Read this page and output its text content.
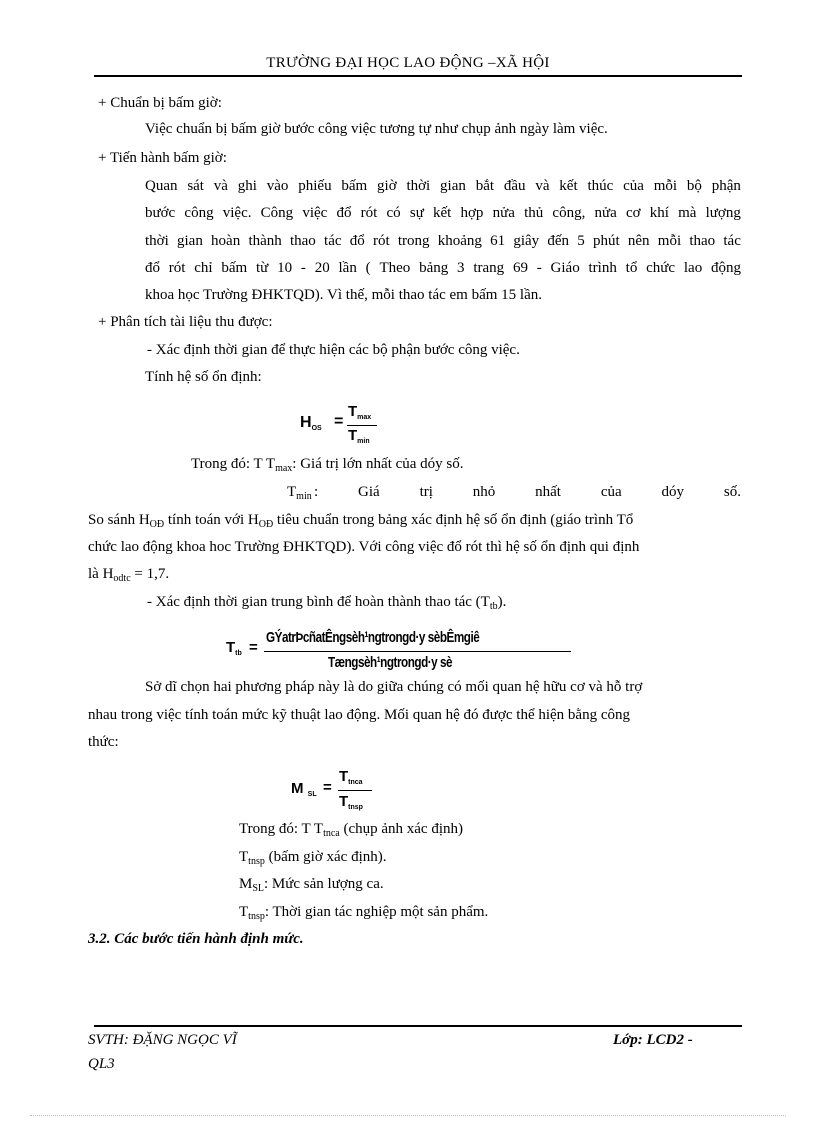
TRƯỜNG ĐẠI HỌC LAO ĐỘNG –XÃ HỘI
+ Chuẩn bị bấm giờ:
Việc chuẩn bị bấm giờ bước công việc tương tự như chụp ảnh ngày làm việc.
+ Tiến hành bấm giờ:
Quan sát và ghi vào phiếu bấm giờ thời gian bắt đầu và kết thúc của mỗi bộ phận
bước công việc. Công việc đổ rót có sự kết hợp nửa thủ công, nửa cơ khí mà lượng
thời gian hoàn thành thao tác đổ rót trong khoảng 61 giây đến 5 phút nên mỗi thao tác
đổ rót chỉ bấm từ 10 - 20 lần ( Theo bảng 3 trang 69 - Giáo trình tổ chức lao động
khoa học Trường ĐHKTQD). Vì thế, mỗi thao tác em bấm 15 lần.
+ Phân tích tài liệu thu được:
- Xác định thời gian để thực hiện các bộ phận bước công việc.
Tính hệ số ổn định:
HOS =
$T_{max}$
$T_{min}$
Trong đó: T $T_{max}$: Giá trị lớn nhất của dóy số.
$T_{min}$ :	Giá	trị	nhỏ	nhất	của	dóy	số.
So sánh $H_{OĐ}$ tính toán với $H_{OĐ}$ tiêu chuẩn trong bảng xác định hệ số ổn định (giáo trình Tổ
chức lao động khoa hoc Trường ĐHKTQD). Với công việc đổ rót thì hệ số ổn định qui định
là $H_{odtc} = 1,7$.
- Xác định thời gian trung bình để hoàn thành thao tác $(T_{tb})$.
$T_{tb}$ =
GÝatrÞcñatÊngsèh¹ngtrongd·y sèbÊmgiê
Tængsèh¹ngtrongd·y sè
Sở dĩ chọn hai phương pháp này là do giữa chúng có mối quan hệ hữu cơ và hỗ trợ
nhau trong việc tính toán mức kỹ thuật lao động. Mối quan hệ đó được thể hiện bằng công
thức:
M $_{SL}$ =
$T_{tnca}$
$T_{tnsp}$
Trong đó: T $T_{tnca}$ (chụp ảnh xác định)
$T_{tnsp}$ (bấm giờ xác định).
$M_{SL}$: Mức sản lượng ca.
$T_{tnsp}$: Thời gian tác nghiệp một sản phẩm.
3.2. Các bước tiến hành định mức.
SVTH: ĐẶNG NGỌC VĨ
QL3
Lớp: LCD2 -
